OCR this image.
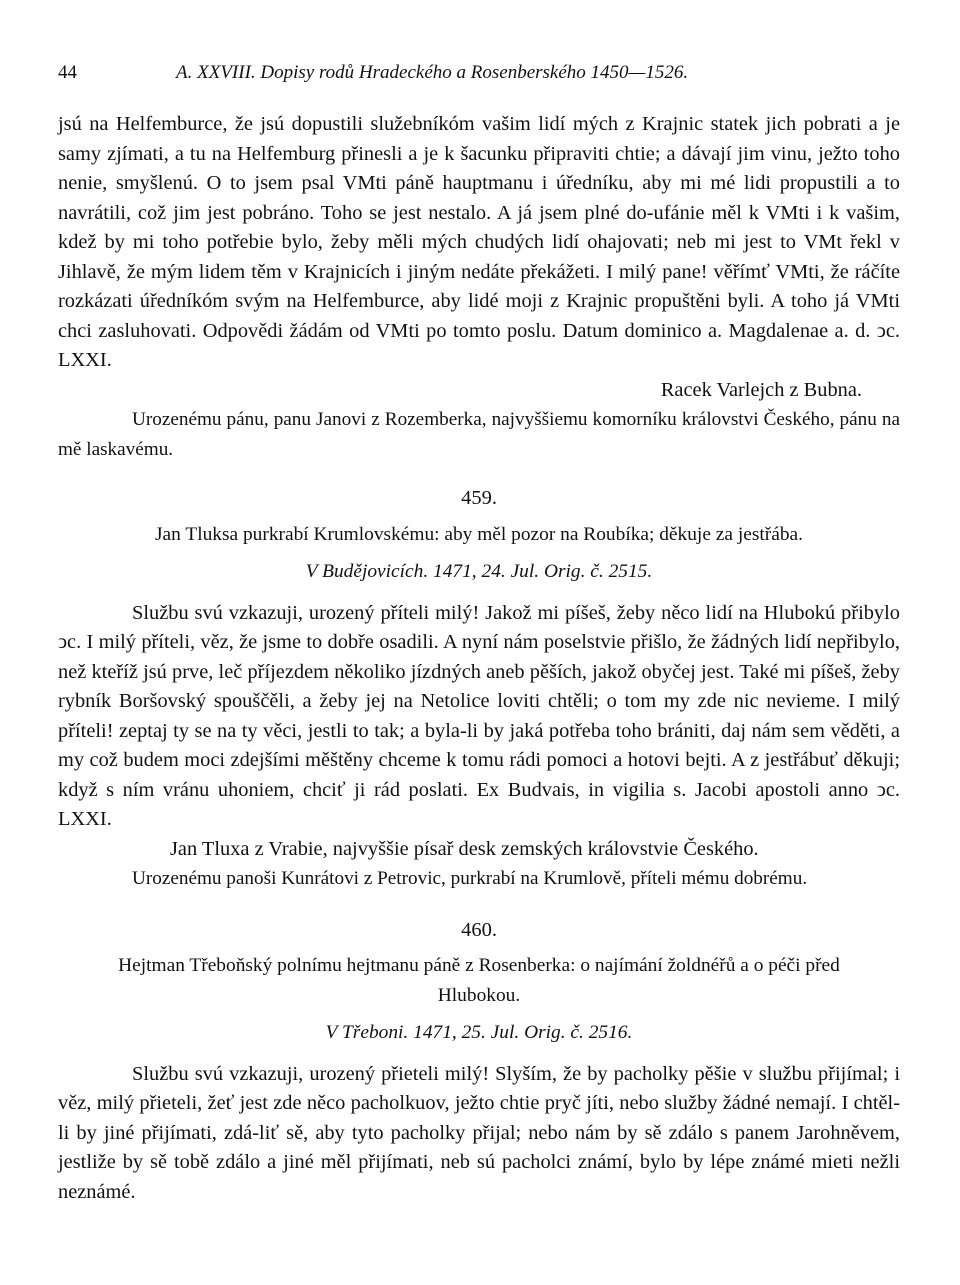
44	A. XXVIII. Dopisy rodů Hradeckého a Rosenberského 1450—1526.

jsú na Helfemburce, že jsú dopustili služebníkóm vašim lidí mých z Krajnic statek jich pobrati a je samy zjímati, a tu na Helfemburg přinesli a je k šacunku připraviti chtie; a dávají jim vinu, ježto toho nenie, smyšlenú. O to jsem psal VMti páně hauptmanu i úředníku, aby mi mé lidi propustili a to navrátili, což jim jest pobráno. Toho se jest nestalo. A já jsem plné do-ufánie měl k VMti i k vašim, kdež by mi toho potřebie bylo, žeby měli mých chudých lidí ohajovati; neb mi jest to VMt řekl v Jihlavě, že mým lidem těm v Krajnicích i jiným nedáte překážeti. I milý pane! věřímť VMti, že ráčíte rozkázati úředníkóm svým na Helfemburce, aby lidé moji z Krajnic propuštěni byli. A toho já VMti chci zasluhovati. Odpovědi žádám od VMti po tomto poslu. Datum dominico a. Magdalenae a. d. ͻc. LXXI.

Racek Varlejch z Bubna.

Urozenému pánu, panu Janovi z Rozemberka, najvyššiemu komorníku královstvi Českého, pánu na mě laskavému.

459.

Jan Tluksa purkrabí Krumlovskému: aby měl pozor na Roubíka; děkuje za jestřába.

V Budějovicích. 1471, 24. Jul. Orig. č. 2515.

Službu svú vzkazuji, urozený příteli milý! Jakož mi píšeš, žeby něco lidí na Hlubokú přibylo ͻc. I milý příteli, věz, že jsme to dobře osadili. A nyní nám poselstvie přišlo, že žádných lidí nepřibylo, než kteříž jsú prve, leč příjezdem několiko jízdných aneb pěších, jakož obyčej jest. Také mi píšeš, žeby rybník Boršovský spouščěli, a žeby jej na Netolice loviti chtěli; o tom my zde nic nevieme. I milý příteli! zeptaj ty se na ty věci, jestli to tak; a byla-li by jaká potřeba toho brániti, daj nám sem věděti, a my což budem moci zdejšími měštěny chceme k tomu rádi pomoci a hotovi bejti. A z jestřábuť děkuji; když s ním vránu uhoniem, chciť ji rád poslati. Ex Budvais, in vigilia s. Jacobi apostoli anno ͻc. LXXI.

Jan Tluxa z Vrabie, najvyššie písař desk zemských královstvie Českého.

Urozenému panoši Kunrátovi z Petrovic, purkrabí na Krumlově, příteli mému dobrému.

460.

Hejtman Třeboňský polnímu hejtmanu páně z Rosenberka: o najímání žoldnéřů a o péči před Hlubokou.

V Třeboni. 1471, 25. Jul. Orig. č. 2516.

Službu svú vzkazuji, urozený přieteli milý! Slyším, že by pacholky pěšie v službu přijímal; i věz, milý přieteli, žeť jest zde něco pacholkuov, ježto chtie pryč jíti, nebo služby žádné nemají. I chtěl-li by jiné přijímati, zdá-liť sě, aby tyto pacholky přijal; nebo nám by sě zdálo s panem Jarohněvem, jestliže by sě tobě zdálo a jiné měl přijímati, neb sú pacholci známí, bylo by lépe známé mieti nežli neznámé.
